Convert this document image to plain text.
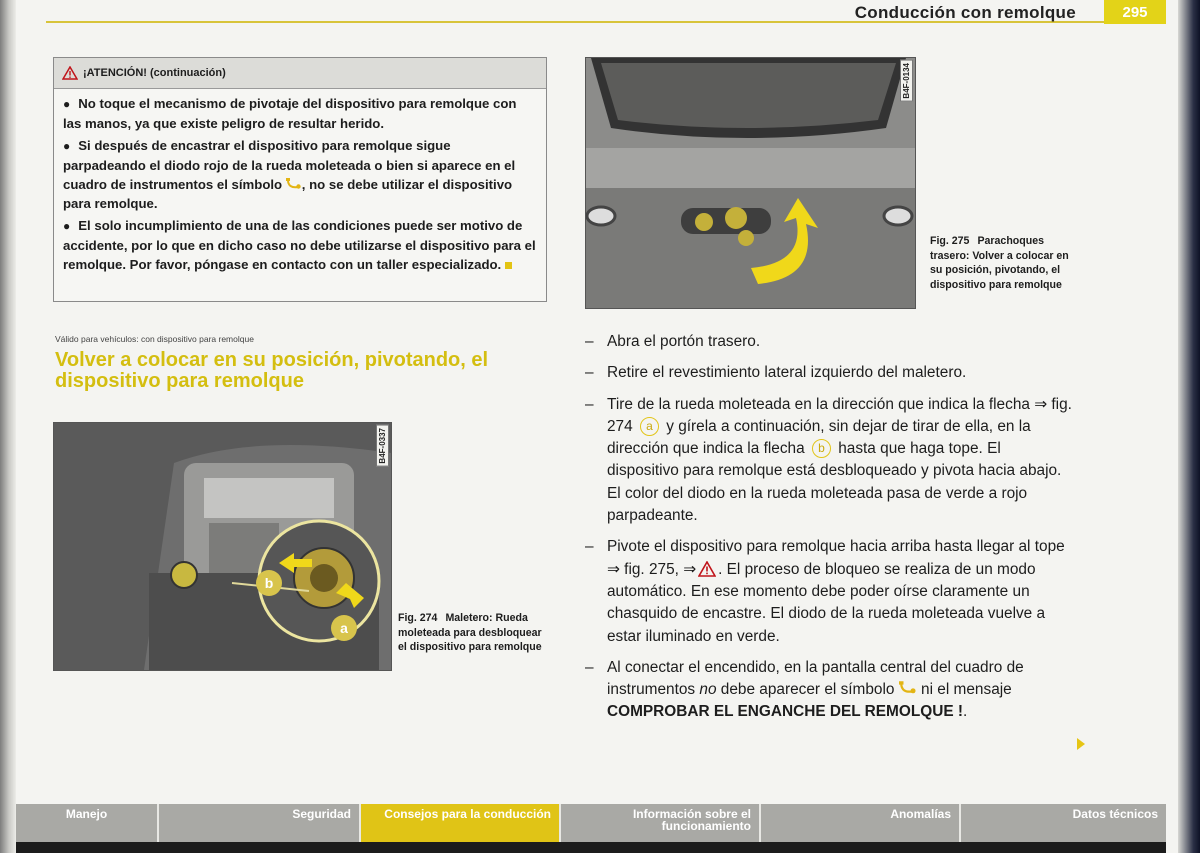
Conducción con remolque	295
¡ATENCIÓN! (continuación)

● No toque el mecanismo de pivotaje del dispositivo para remolque con las manos, ya que existe peligro de resultar herido.

● Si después de encastrar el dispositivo para remolque sigue parpadeando el diodo rojo de la rueda moleteada o bien si aparece en el cuadro de instrumentos el símbolo , no se debe utilizar el dispositivo para remolque.

● El solo incumplimiento de una de las condiciones puede ser motivo de accidente, por lo que en dicho caso no debe utilizarse el dispositivo para el remolque. Por favor, póngase en contacto con un taller especializado.

Válido para vehículos: con dispositivo para remolque
Volver a colocar en su posición, pivotando, el dispositivo para remolque
b
a
B4F-0337
Fig. 274 Maletero: Rueda moleteada para desbloquear el dispositivo para remolque
B4F-0134
Fig. 275 Parachoques trasero: Volver a colocar en su posición, pivotando, el dispositivo para remolque
– Abra el portón trasero.
– Retire el revestimiento lateral izquierdo del maletero.
– Tire de la rueda moleteada en la dirección que indica la flecha ⇒ fig. 274 a y gírela a continuación, sin dejar de tirar de ella, en la dirección que indica la flecha b hasta que haga tope. El dispositivo para remolque está desbloqueado y pivota hacia abajo. El color del diodo en la rueda moleteada pasa de verde a rojo parpadeante.
– Pivote el dispositivo para remolque hacia arriba hasta llegar al tope ⇒ fig. 275, ⇒ . El proceso de bloqueo se realiza de un modo automático. En ese momento debe poder oírse claramente un chasquido de encastre. El diodo de la rueda moleteada vuelve a estar iluminado en verde.
– Al conectar el encendido, en la pantalla central del cuadro de instrumentos no debe aparecer el símbolo ni el mensaje COMPROBAR EL ENGANCHE DEL REMOLQUE !.
Manejo	Seguridad	Consejos para la conducción	Información sobre el funcionamiento
Anomalías	Datos técnicos
